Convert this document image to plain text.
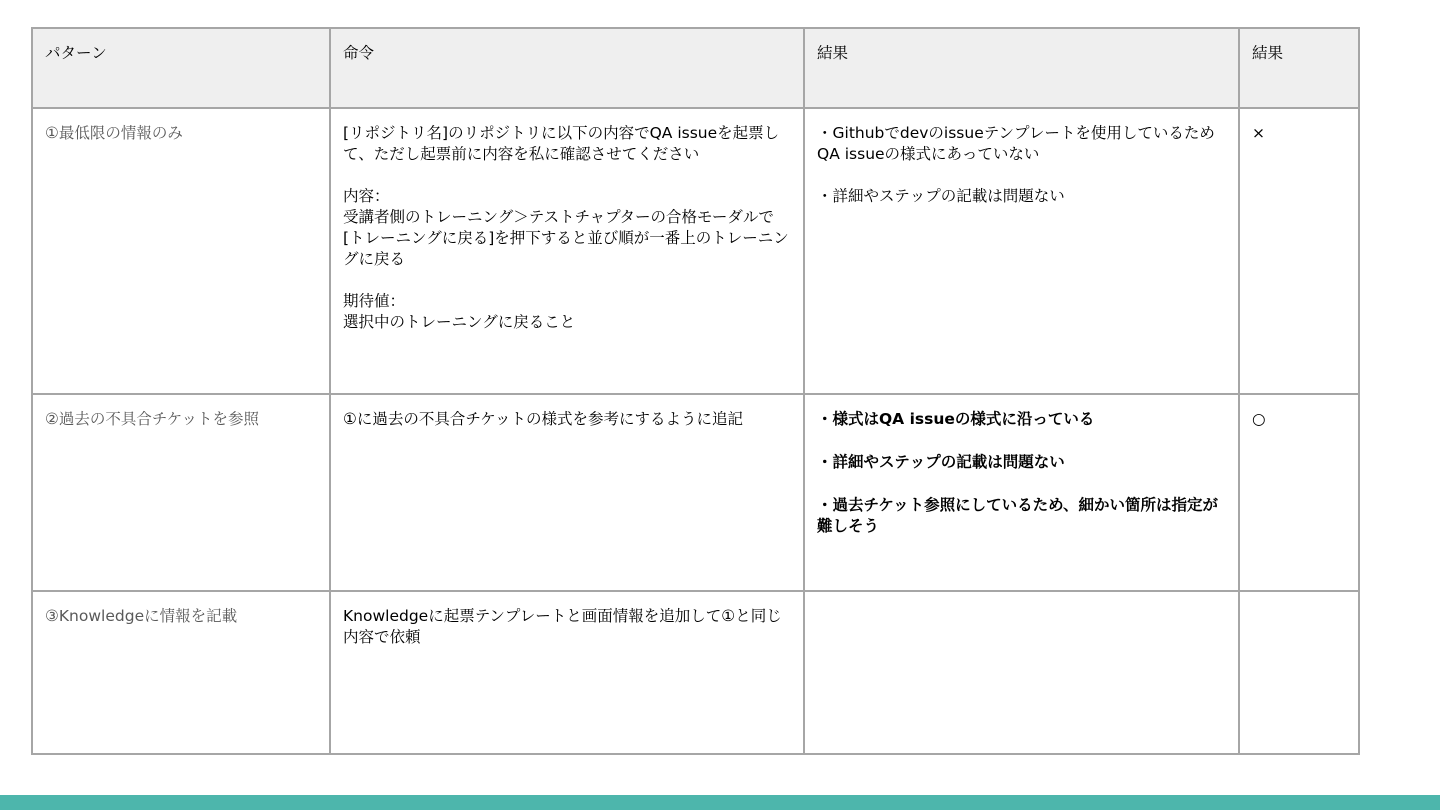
パターン	命令	結果	結果
①最低限の情報のみ	[リポジトリ名]のリポジトリに以下の内容でQA issueを起票して、ただし起票前に内容を私に確認させてください
内容：
受講者側のトレーニング＞テストチャプターの合格モーダルで[トレーニングに戻る]を押下すると並び順が一番上のトレーニングに戻る
期待値：
選択中のトレーニングに戻ること	・Githubでdevのissueテンプレートを使用しているためQA issueの様式にあっていない
・詳細やステップの記載は問題ない	×
②過去の不具合チケットを参照	①に過去の不具合チケットの様式を参考にするように追記	・様式はQA issueの様式に沿っている
・詳細やステップの記載は問題ない
・過去チケット参照にしているため、細かい箇所は指定が難しそう	○
③Knowledgeに情報を記載	Knowledgeに起票テンプレートと画面情報を追加して①と同じ内容で依頼		
